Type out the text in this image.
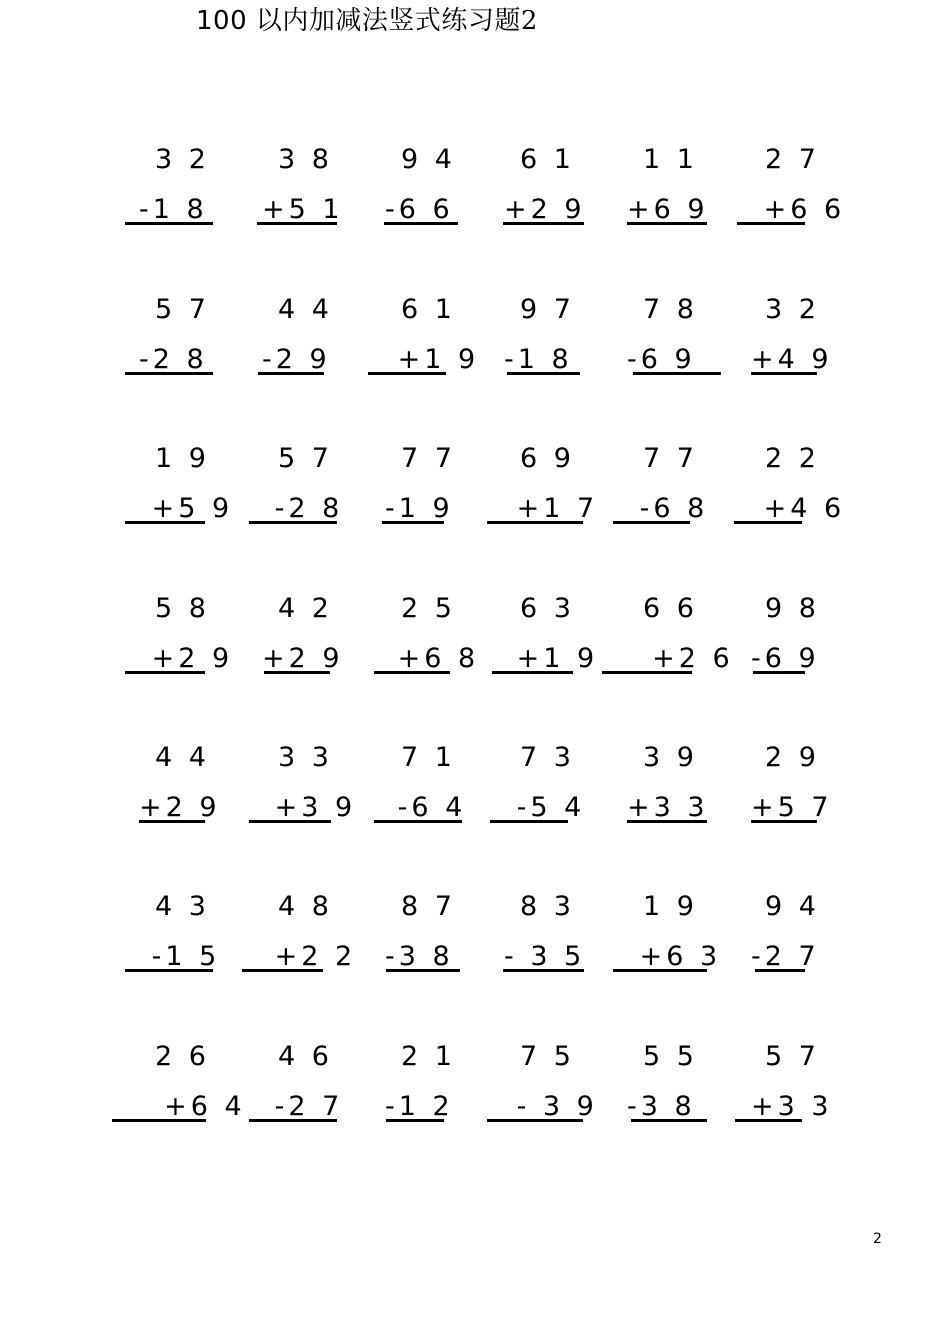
100 以内加减法竖式练习题2
3 2
-1 8
3 8
+5 1
9 4
-6 6
6 1
+2 9
1 1
+6 9
2 7
+6 6
5 7
-2 8
4 4
-2 9
6 1
+1 9
9 7
-1 8
7 8
-6 9
3 2
+4 9
1 9
+5 9
5 7
-2 8
7 7
-1 9
6 9
+1 7
7 7
-6 8
2 2
+4 6
5 8
+2 9
4 2
+2 9
2 5
+6 8
6 3
+1 9
6 6
+2 6
9 8
-6 9
4 4
+2 9
3 3
+3 9
7 1
-6 4
7 3
-5 4
3 9
+3 3
2 9
+5 7
4 3
-1 5
4 8
+2 2
8 7
-3 8
8 3
- 3 5
1 9
+6 3
9 4
-2 7
2 6
+6 4
4 6
-2 7
2 1
-1 2
7 5
- 3 9
5 5
-3 8
5 7
+3 3
2
